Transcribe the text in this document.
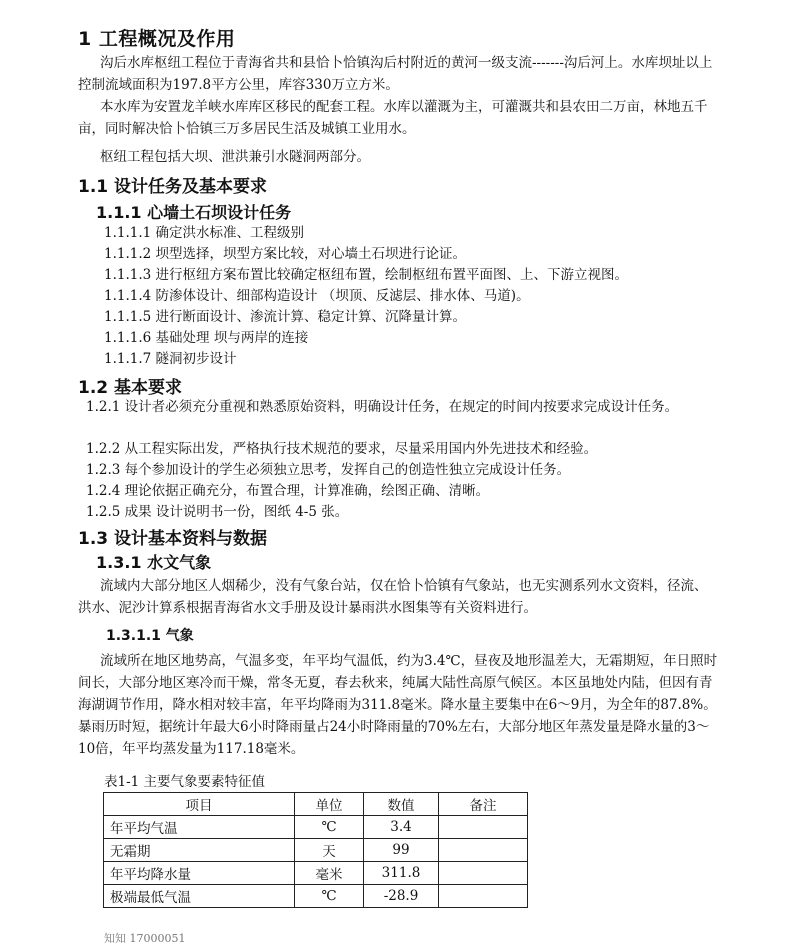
1 工程概况及作用
沟后水库枢纽工程位于青海省共和县恰卜恰镇沟后村附近的黄河一级支流-------沟后河上。水库坝址以上控制流域面积为197.8平方公里，库容330万立方米。
本水库为安置龙羊峡水库库区移民的配套工程。水库以灌溉为主，可灌溉共和县农田二万亩，林地五千亩，同时解决恰卜恰镇三万多居民生活及城镇工业用水。
枢纽工程包括大坝、泄洪兼引水隧洞两部分。
1.1 设计任务及基本要求
1.1.1 心墙土石坝设计任务
1.1.1.1 确定洪水标准、工程级别
1.1.1.2 坝型选择，坝型方案比较，对心墙土石坝进行论证。
1.1.1.3 进行枢纽方案布置比较确定枢纽布置，绘制枢纽布置平面图、上、下游立视图。
1.1.1.4 防渗体设计、细部构造设计 （坝顶、反滤层、排水体、马道)。
1.1.1.5 进行断面设计、渗流计算、稳定计算、沉降量计算。
1.1.1.6 基础处理 坝与两岸的连接
1.1.1.7 隧洞初步设计
1.2 基本要求
1.2.1 设计者必须充分重视和熟悉原始资料，明确设计任务，在规定的时间内按要求完成设计任务。
1.2.2 从工程实际出发，严格执行技术规范的要求，尽量采用国内外先进技术和经验。
1.2.3 每个参加设计的学生必须独立思考，发挥自己的创造性独立完成设计任务。
1.2.4 理论依据正确充分，布置合理，计算准确，绘图正确、清晰。
1.2.5 成果 设计说明书一份，图纸 4-5 张。
1.3 设计基本资料与数据
1.3.1 水文气象
流域内大部分地区人烟稀少，没有气象台站，仅在恰卜恰镇有气象站，也无实测系列水文资料，径流、洪水、泥沙计算系根据青海省水文手册及设计暴雨洪水图集等有关资料进行。
1.3.1.1 气象
流域所在地区地势高，气温多变，年平均气温低，约为3.4℃，昼夜及地形温差大，无霜期短，年日照时间长，大部分地区寒冷而干燥，常冬无夏，春去秋来，纯属大陆性高原气候区。本区虽地处内陆，但因有青海湖调节作用，降水相对较丰富，年平均降雨为311.8毫米。降水量主要集中在6～9月，为全年的87.8%。暴雨历时短，据统计年最大6小时降雨量占24小时降雨量的70%左右，大部分地区年蒸发量是降水量的3～10倍，年平均蒸发量为117.18毫米。
表1-1 主要气象要素特征值
项目	单位	数值	备注
年平均气温	℃	3.4	
无霜期	天	99	
年平均降水量	毫米	311.8	
极端最低气温	℃	-28.9	
知知 17000051
